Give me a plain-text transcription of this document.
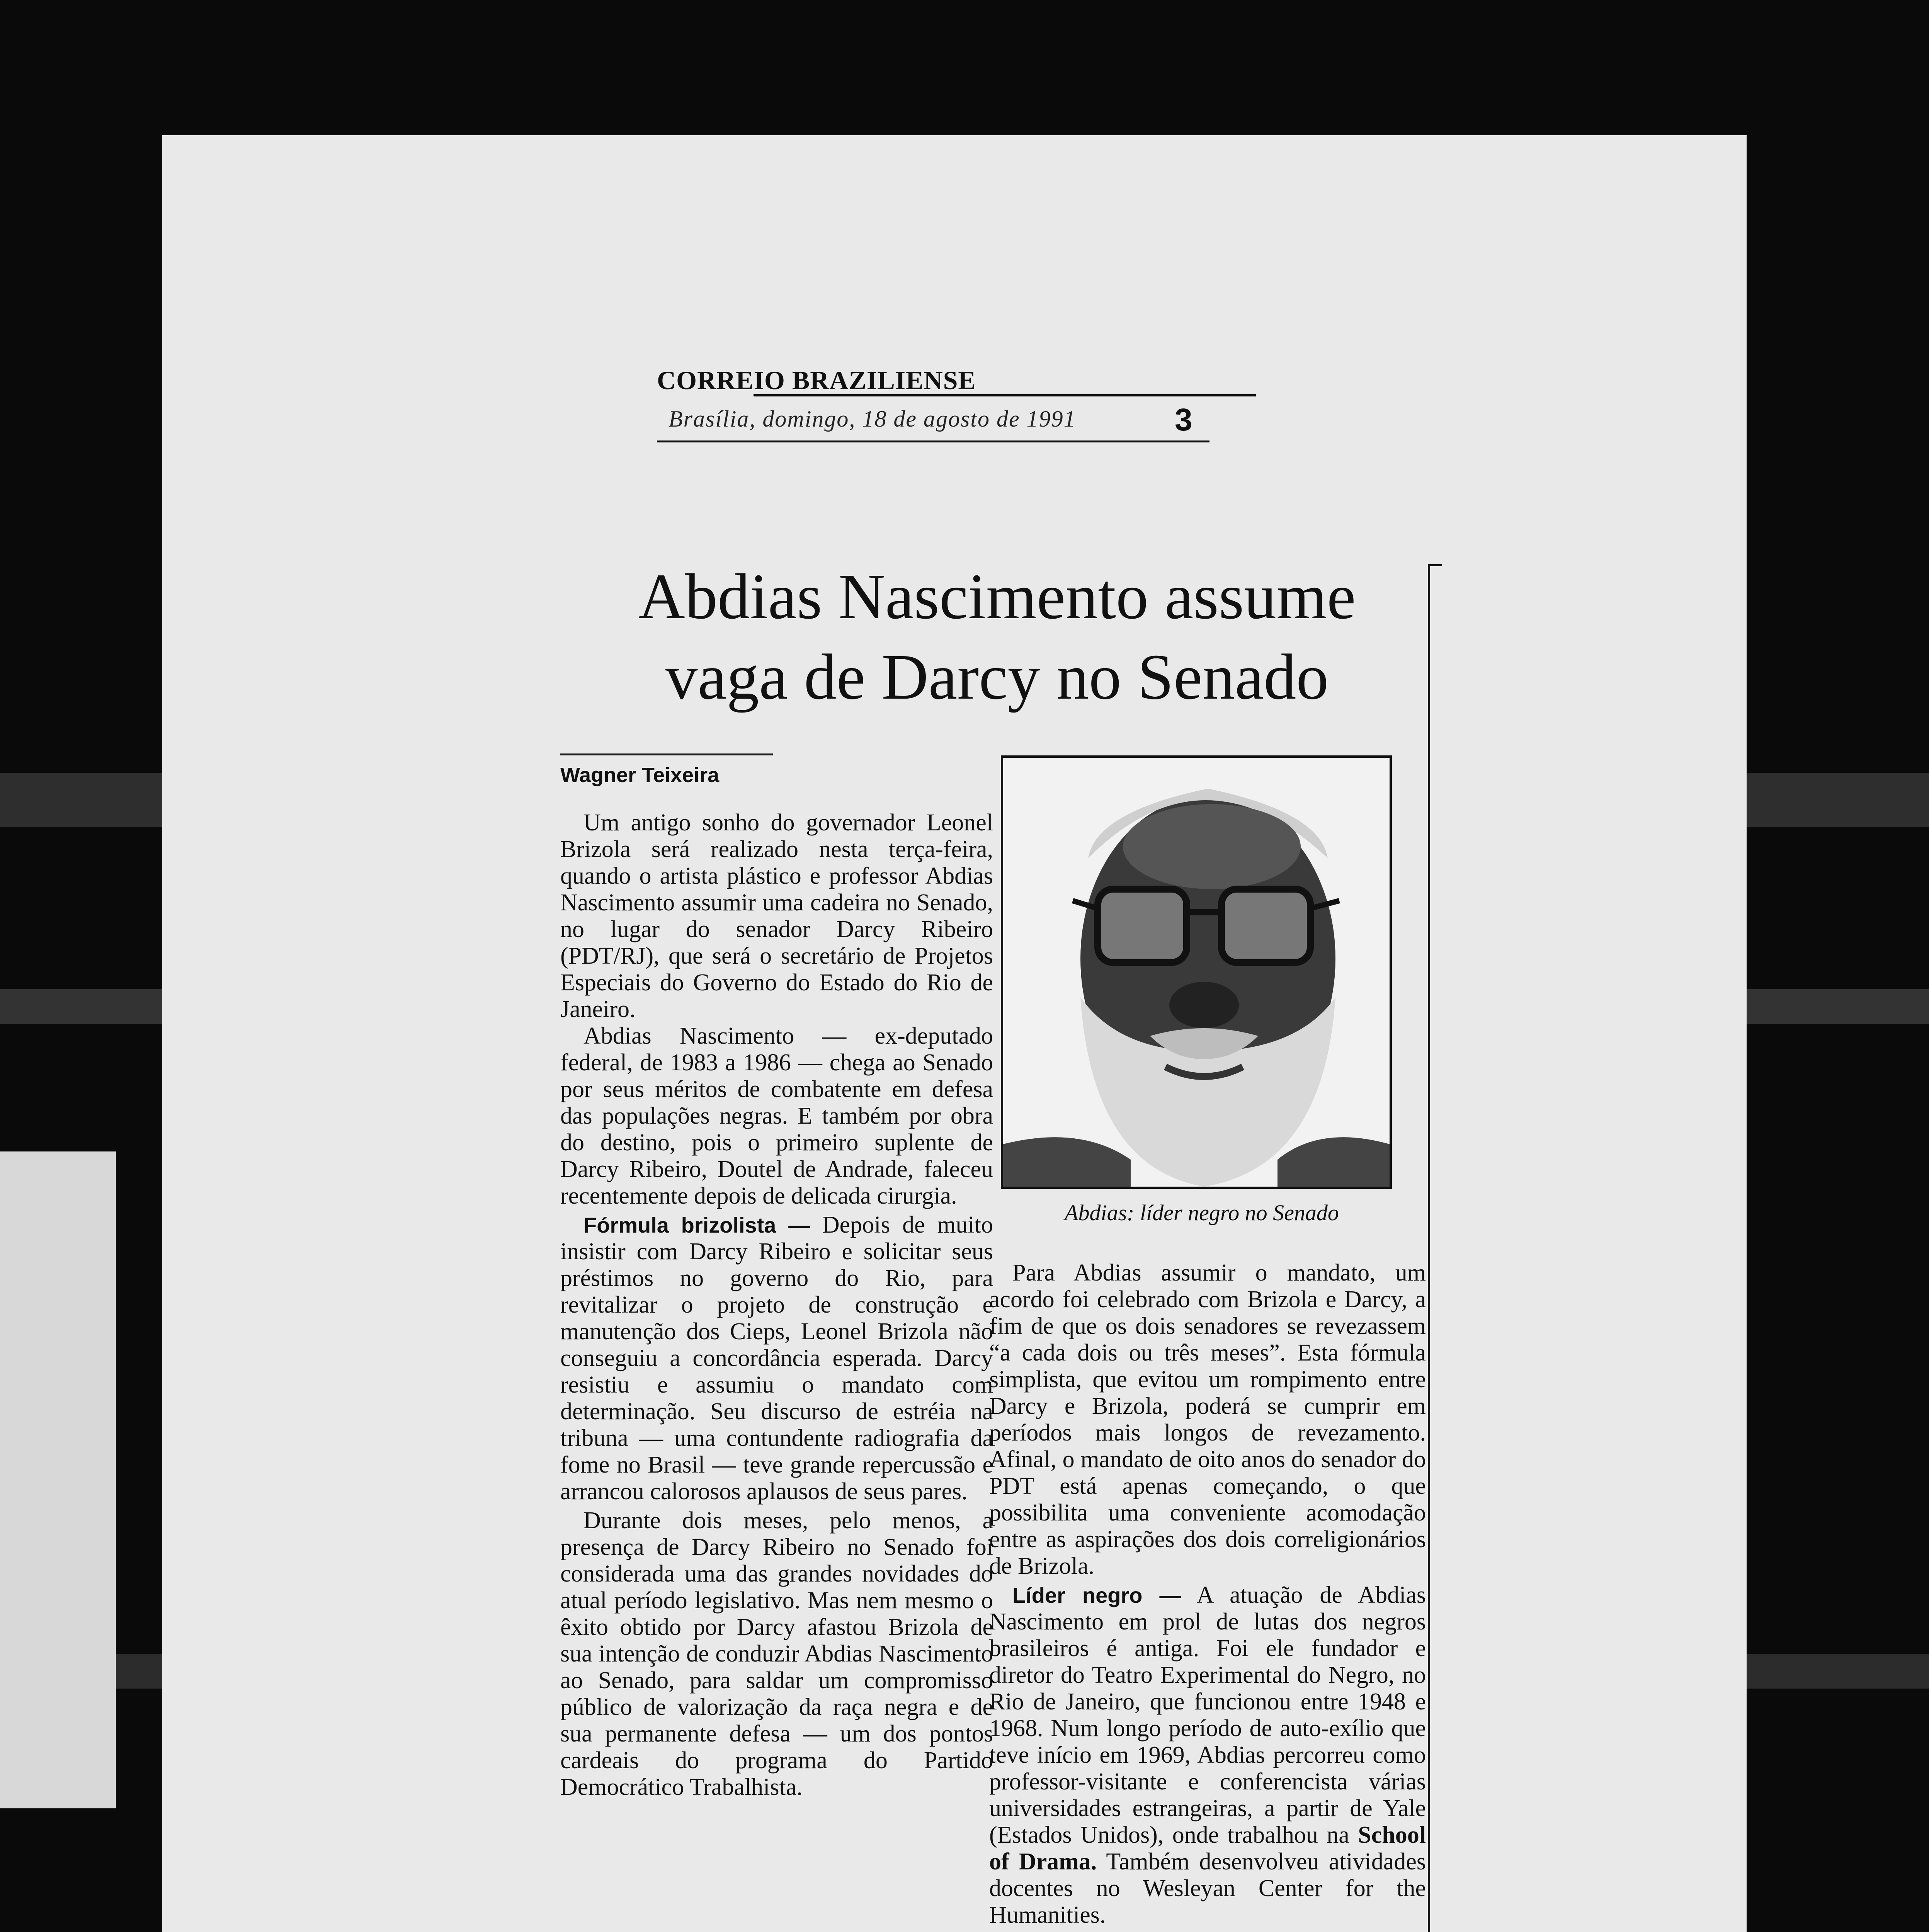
CORREIO BRAZILIENSE
Brasília, domingo, 18 de agosto de 1991	3
Abdias Nascimento assume
vaga de Darcy no Senado
Wagner Teixeira

Um antigo sonho do governador Leonel Brizola será realizado nesta terça-feira, quando o artista plástico e professor Abdias Nascimento assumir uma cadeira no Senado, no lugar do senador Darcy Ribeiro (PDT/RJ), que será o secretário de Projetos Especiais do Governo do Estado do Rio de Janeiro.

Abdias Nascimento — ex-deputado federal, de 1983 a 1986 — chega ao Senado por seus méritos de combatente em defesa das populações negras. E também por obra do destino, pois o primeiro suplente de Darcy Ribeiro, Doutel de Andrade, faleceu recentemente depois de delicada cirurgia.

Fórmula brizolista — Depois de muito insistir com Darcy Ribeiro e solicitar seus préstimos no governo do Rio, para revitalizar o projeto de construção e manutenção dos Cieps, Leonel Brizola não conseguiu a concordância esperada. Darcy resistiu e assumiu o mandato com determinação. Seu discurso de estréia na tribuna — uma contundente radiografia da fome no Brasil — teve grande repercussão e arrancou calorosos aplausos de seus pares.

Durante dois meses, pelo menos, a presença de Darcy Ribeiro no Senado foi considerada uma das grandes novidades do atual período legislativo. Mas nem mesmo o êxito obtido por Darcy afastou Brizola de sua intenção de conduzir Abdias Nascimento ao Senado, para saldar um compromisso público de valorização da raça negra e de sua permanente defesa — um dos pontos cardeais do programa do Partido Democrático Trabalhista.

Abdias: líder negro no Senado

Para Abdias assumir o mandato, um acordo foi celebrado com Brizola e Darcy, a fim de que os dois senadores se revezassem “a cada dois ou três meses”. Esta fórmula simplista, que evitou um rompimento entre Darcy e Brizola, poderá se cumprir em períodos mais longos de revezamento. Afinal, o mandato de oito anos do senador do PDT está apenas começando, o que possibilita uma conveniente acomodação entre as aspirações dos dois correligionários de Brizola.

Líder negro — A atuação de Abdias Nascimento em prol de lutas dos negros brasileiros é antiga. Foi ele fundador e diretor do Teatro Experimental do Negro, no Rio de Janeiro, que funcionou entre 1948 e 1968. Num longo período de auto-exílio que teve início em 1969, Abdias percorreu como professor-visitante e conferencista várias universidades estrangeiras, a partir de Yale (Estados Unidos), onde trabalhou na School of Drama. Também desenvolveu atividades docentes no Wesleyan Center for the Humanities.
